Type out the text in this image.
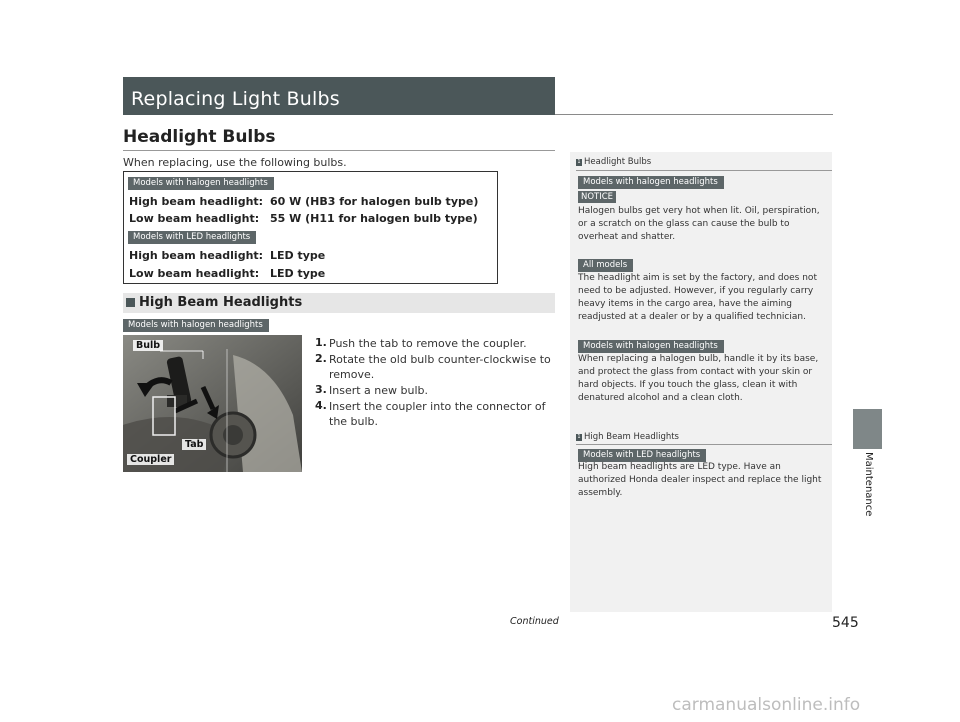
Replacing Light Bulbs
Headlight Bulbs
When replacing, use the following bulbs.
Models with halogen headlights
High beam headlight: 60 W (HB3 for halogen bulb type)
Low beam headlight: 55 W (H11 for halogen bulb type)
Models with LED headlights
High beam headlight: LED type
Low beam headlight: LED type
High Beam Headlights
Models with halogen headlights
Bulb
Tab
Coupler
1. Push the tab to remove the coupler.
2. Rotate the old bulb counter-clockwise to remove.
3. Insert a new bulb.
4. Insert the coupler into the connector of the bulb.
1 Headlight Bulbs
Models with halogen headlights
NOTICE
Halogen bulbs get very hot when lit. Oil, perspiration, or a scratch on the glass can cause the bulb to overheat and shatter.
All models
The headlight aim is set by the factory, and does not need to be adjusted. However, if you regularly carry heavy items in the cargo area, have the aiming readjusted at a dealer or by a qualified technician.
Models with halogen headlights
When replacing a halogen bulb, handle it by its base, and protect the glass from contact with your skin or hard objects. If you touch the glass, clean it with denatured alcohol and a clean cloth.
1 High Beam Headlights
Models with LED headlights
High beam headlights are LED type. Have an authorized Honda dealer inspect and replace the light assembly.	Maintenance
Continued	545
carmanualsonline.info
